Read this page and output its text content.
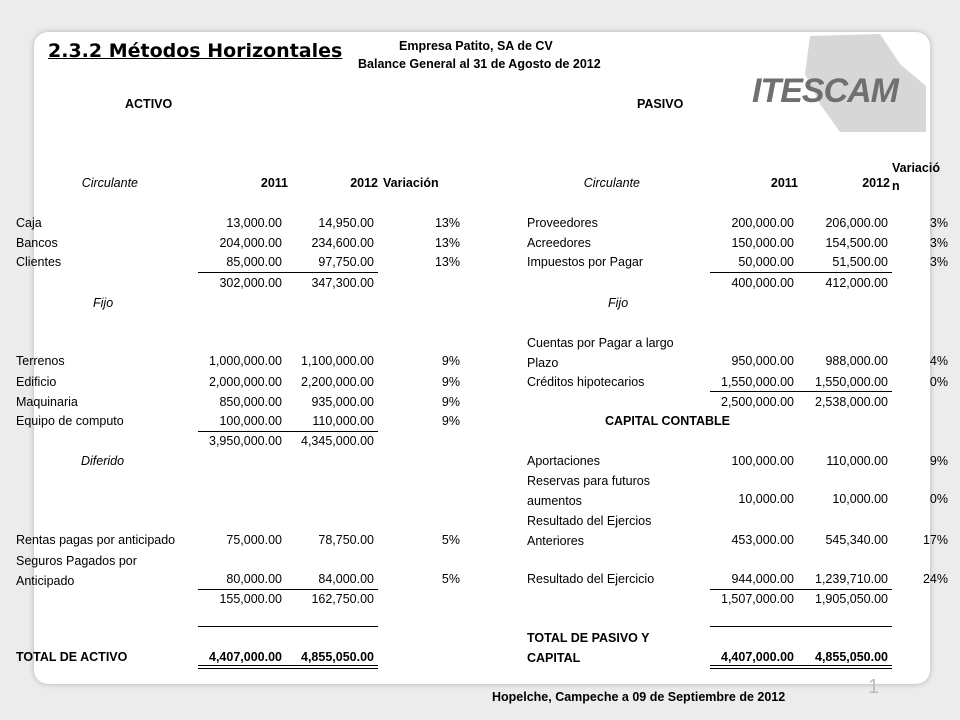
ITESCAM
2.3.2 Métodos Horizontales	Empresa Patito, SA de CV
Balance General al 31 de Agosto de 2012
ACTIVO	PASIVO
Circulante	2011	2012 Variación	Circulante	2011	2012
Variació
n
Caja	13,000.00	14,950.00	13%
Bancos	204,000.00	234,600.00	13%
Clientes	85,000.00	97,750.00	13%
302,000.00	347,300.00
Fijo
Terrenos	1,000,000.00	1,100,000.00	9%
Edificio	2,000,000.00	2,200,000.00	9%
Maquinaria	850,000.00	935,000.00	9%
Equipo de computo	100,000.00	110,000.00	9%
3,950,000.00	4,345,000.00
Diferido
Rentas pagas por anticipado	75,000.00	78,750.00	5%
Seguros Pagados por
Anticipado	80,000.00	84,000.00	5%
155,000.00	162,750.00
TOTAL DE ACTIVO	4,407,000.00	4,855,050.00
Proveedores	200,000.00	206,000.00	3%
Acreedores	150,000.00	154,500.00	3%
Impuestos por Pagar	50,000.00	51,500.00	3%
400,000.00	412,000.00
Fijo
Cuentas por Pagar a largo
Plazo	950,000.00	988,000.00	4%
Créditos hipotecarios	1,550,000.00	1,550,000.00	0%
2,500,000.00	2,538,000.00
CAPITAL CONTABLE
Aportaciones	100,000.00	110,000.00	9%
Reservas para futuros
aumentos	10,000.00	10,000.00	0%
Resultado del Ejercios
Anteriores	453,000.00	545,340.00	17%
Resultado del Ejercicio	944,000.00	1,239,710.00	24%
1,507,000.00	1,905,050.00
TOTAL DE PASIVO Y
CAPITAL	4,407,000.00	4,855,050.00
Hopelche, Campeche a 09 de Septiembre de 2012	1
